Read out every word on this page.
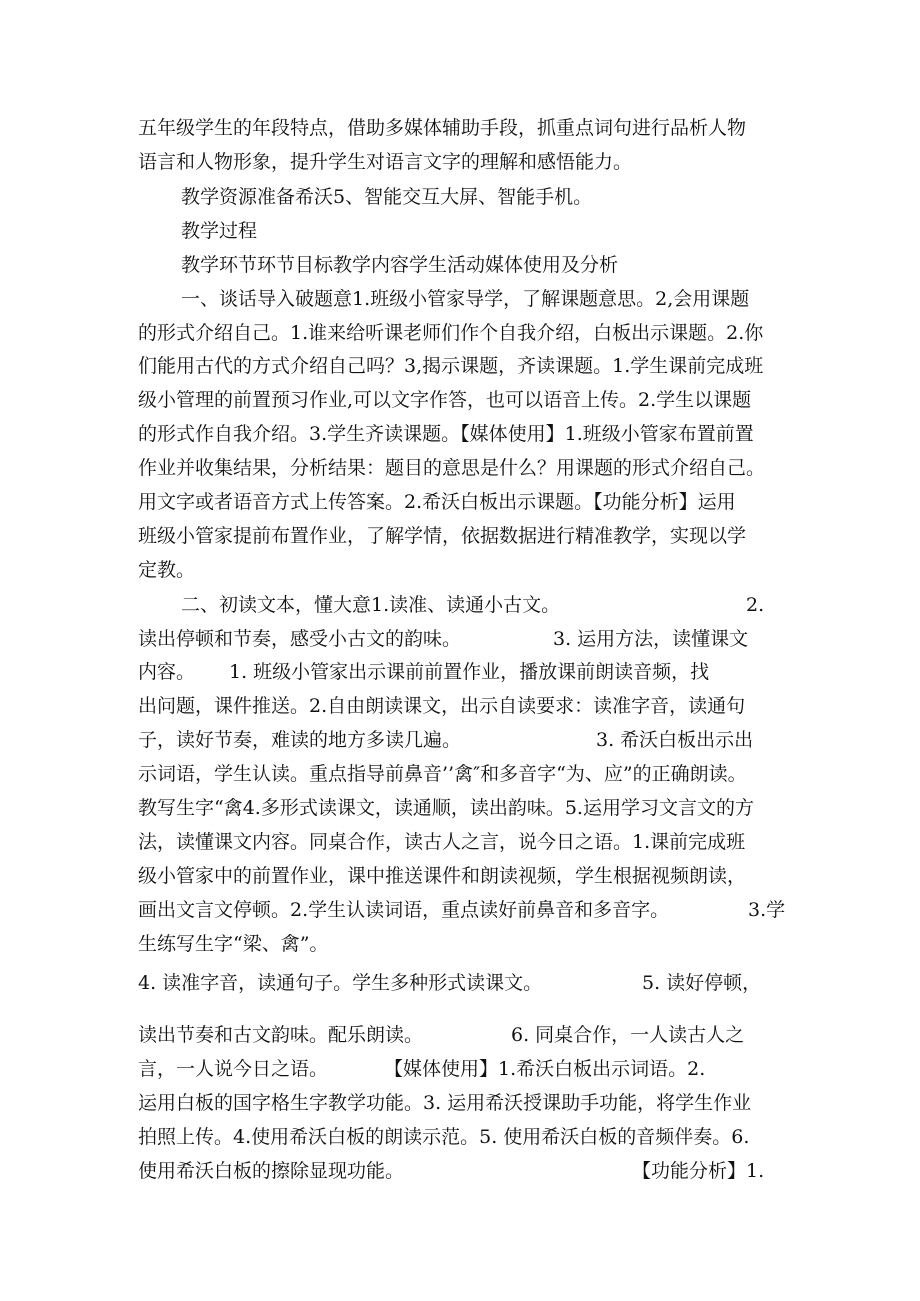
五年级学生的年段特点，借助多媒体辅助手段，抓重点词句进行品析人物
语言和人物形象，提升学生对语言文字的理解和感悟能力。
教学资源准备希沃5、智能交互大屏、智能手机。
教学过程
教学环节环节目标教学内容学生活动媒体使用及分析
一、谈话导入破题意1.班级小管家导学，了解课题意思。2,会用课题
的形式介绍自己。1.谁来给听课老师们作个自我介绍，白板出示课题。2.你
们能用古代的方式介绍自己吗？3,揭示课题，齐读课题。1.学生课前完成班
级小管理的前置预习作业,可以文字作答，也可以语音上传。2.学生以课题
的形式作自我介绍。3.学生齐读课题。【媒体使用】1.班级小管家布置前置
作业并收集结果，分析结果：题目的意思是什么？用课题的形式介绍自己。
用文字或者语音方式上传答案。2.希沃白板出示课题。【功能分析】运用
班级小管家提前布置作业，了解学情，依据数据进行精准教学，实现以学
定教。
二、初读文本，懂大意1.读准、读通小古文。	2.
读出停顿和节奏，感受小古文的韵味。	3. 运用方法，读懂课文
内容。 1. 班级小管家出示课前前置作业，播放课前朗读音频，找
出问题，课件推送。2.自由朗读课文，出示自读要求：读准字音，读通句
子，读好节奏，难读的地方多读几遍。	3. 希沃白板出示出
示词语，学生认读。重点指导前鼻音’’禽″和多音字“为、应”的正确朗读。
教写生字“禽4.多形式读课文，读通顺，读出韵味。5.运用学习文言文的方
法，读懂课文内容。同桌合作，读古人之言，说今日之语。1.课前完成班
级小管家中的前置作业，课中推送课件和朗读视频，学生根据视频朗读，
画出文言文停顿。2.学生认读词语，重点读好前鼻音和多音字。	3.学
生练写生字“梁、禽”。
4. 读准字音，读通句子。学生多种形式读课文。	5. 读好停顿，
读出节奏和古文韵味。配乐朗读。	6. 同桌合作，一人读古人之
言，一人说今日之语。	【媒体使用】1.希沃白板出示词语。2.
运用白板的国字格生字教学功能。3. 运用希沃授课助手功能，将学生作业
拍照上传。4.使用希沃白板的朗读示范。5. 使用希沃白板的音频伴奏。6.
使用希沃白板的擦除显现功能。	【功能分析】1.
